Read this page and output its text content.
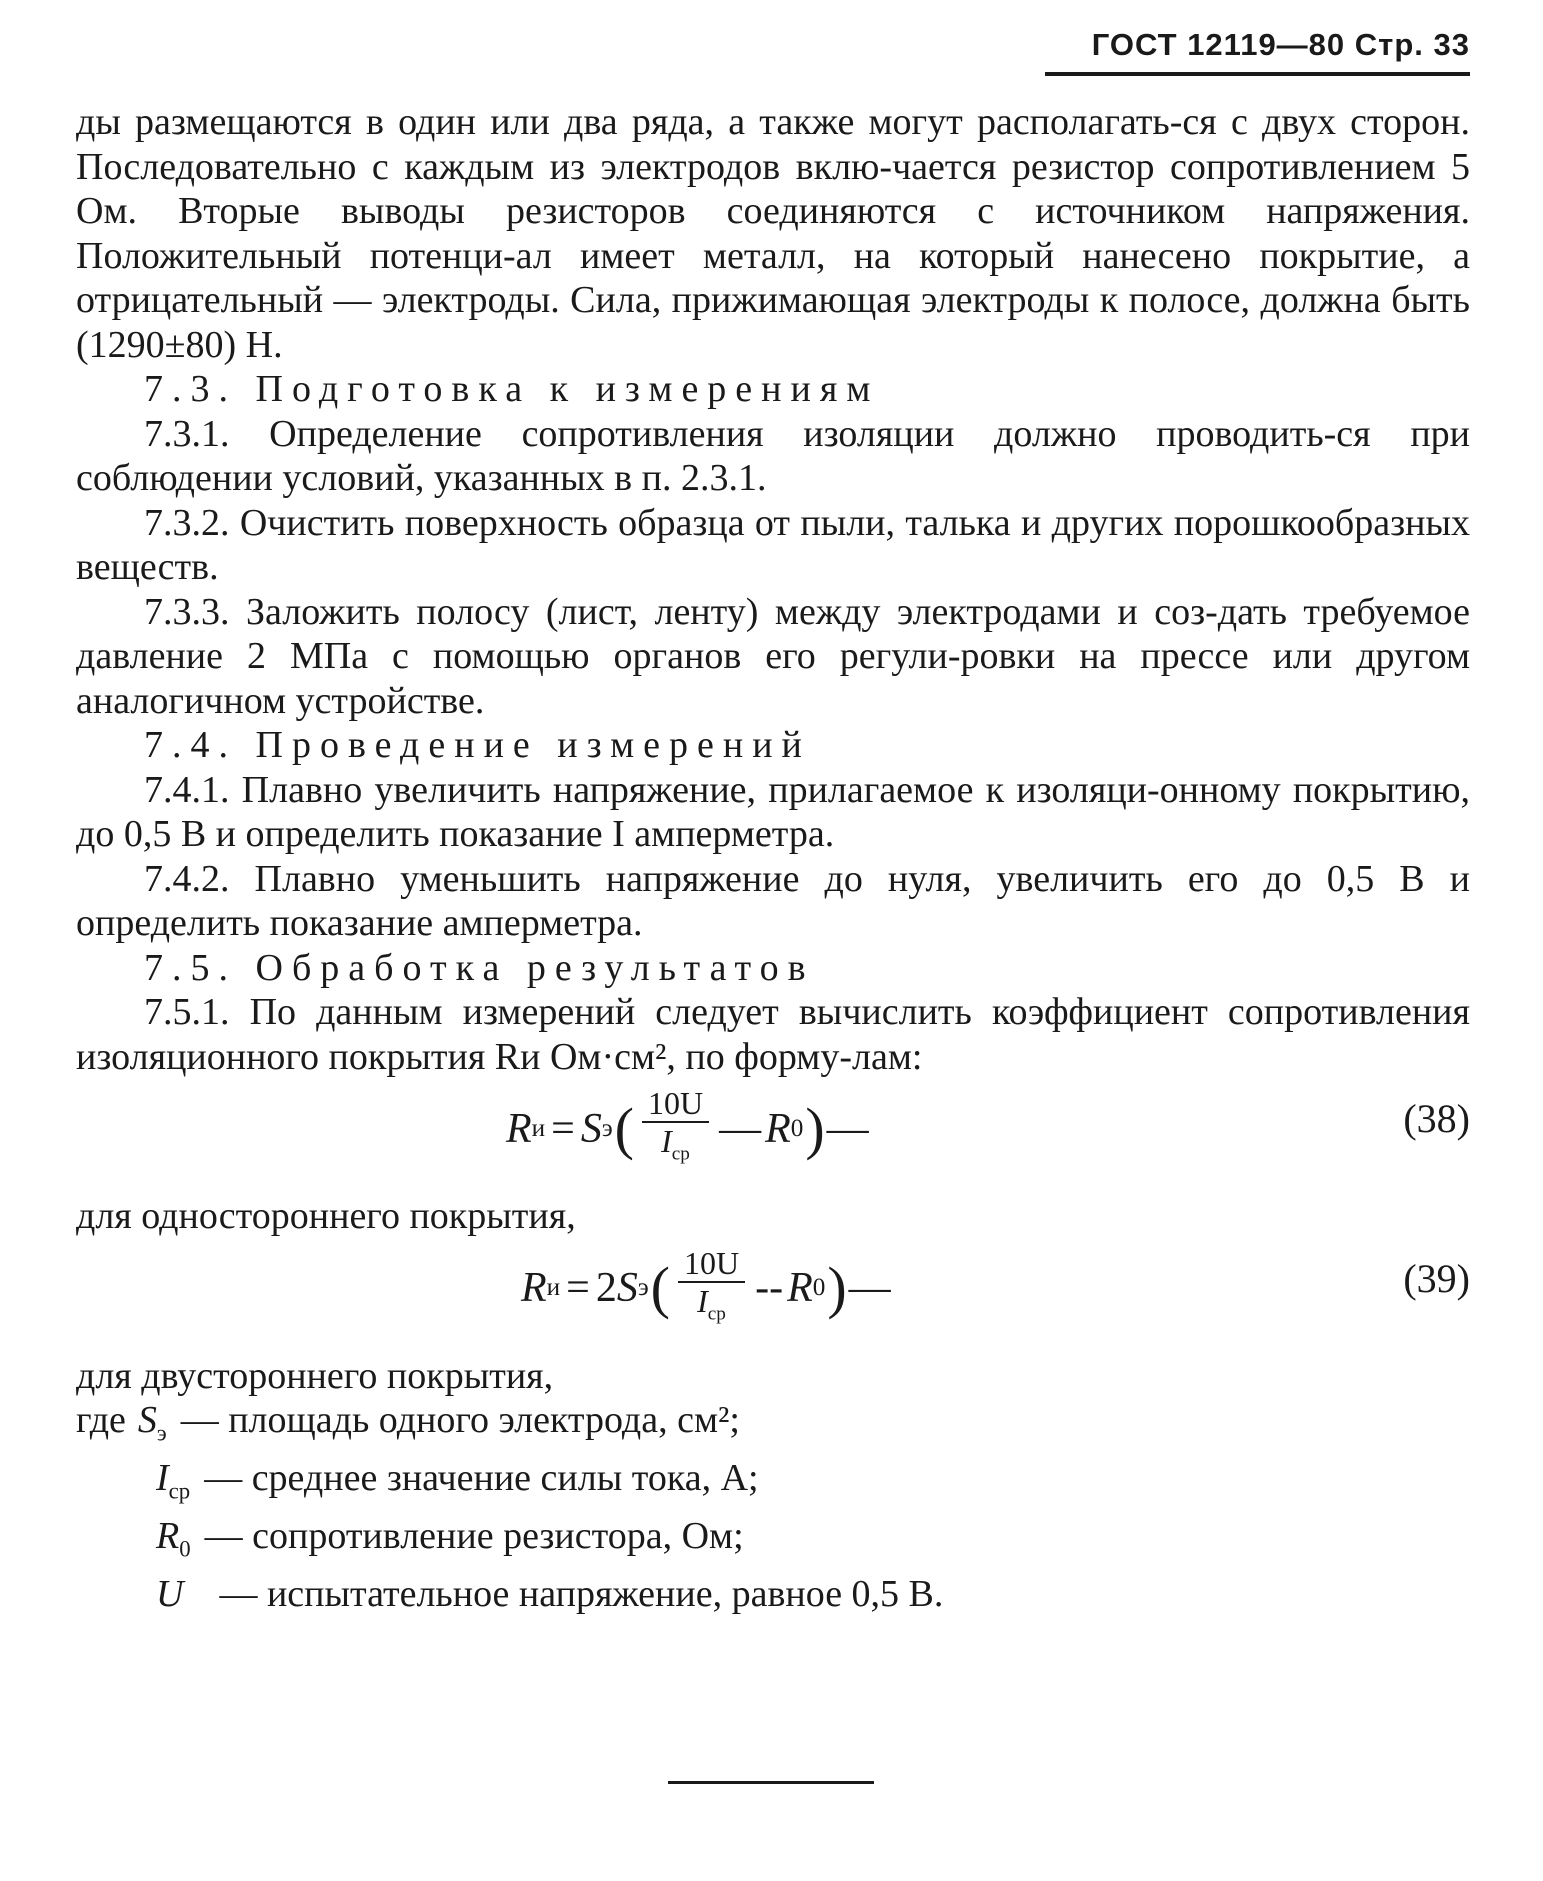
ГОСТ 12119—80 Стр. 33

ды размещаются в один или два ряда, а также могут располагать-ся с двух сторон. Последовательно с каждым из электродов вклю-чается резистор сопротивлением 5 Ом. Вторые выводы резисторов соединяются с источником напряжения. Положительный потенци-ал имеет металл, на который нанесено покрытие, а отрицательный — электроды. Сила, прижимающая электроды к полосе, должна быть (1290±80) Н.

7.3. Подготовка к измерениям

7.3.1. Определение сопротивления изоляции должно проводить-ся при соблюдении условий, указанных в п. 2.3.1.

7.3.2. Очистить поверхность образца от пыли, талька и других порошкообразных веществ.

7.3.3. Заложить полосу (лист, ленту) между электродами и соз-дать требуемое давление 2 МПа с помощью органов его регули-ровки на прессе или другом аналогичном устройстве.

7.4. Проведение измерений

7.4.1. Плавно увеличить напряжение, прилагаемое к изоляци-онному покрытию, до 0,5 В и определить показание I амперметра.

7.4.2. Плавно уменьшить напряжение до нуля, увеличить его до 0,5 В и определить показание амперметра.

7.5. Обработка результатов

7.5.1. По данным измерений следует вычислить коэффициент сопротивления изоляционного покрытия Rи Ом·см², по форму-лам:

R и = S э ( $\frac{10U}{I_{ср}}$ — R 0 ) —	(38)

для одностороннего покрытия,

R и = 2 S э ( $\frac{10U}{I_{ср}}$ -- R 0 ) —	(39)

для двустороннего покрытия,

где $S_э$ — площадь одного электрода, см²;
$I_{ср}$ — среднее значение силы тока, А;
$R_0$ — сопротивление резистора, Ом;
U — испытательное напряжение, равное 0,5 В.
